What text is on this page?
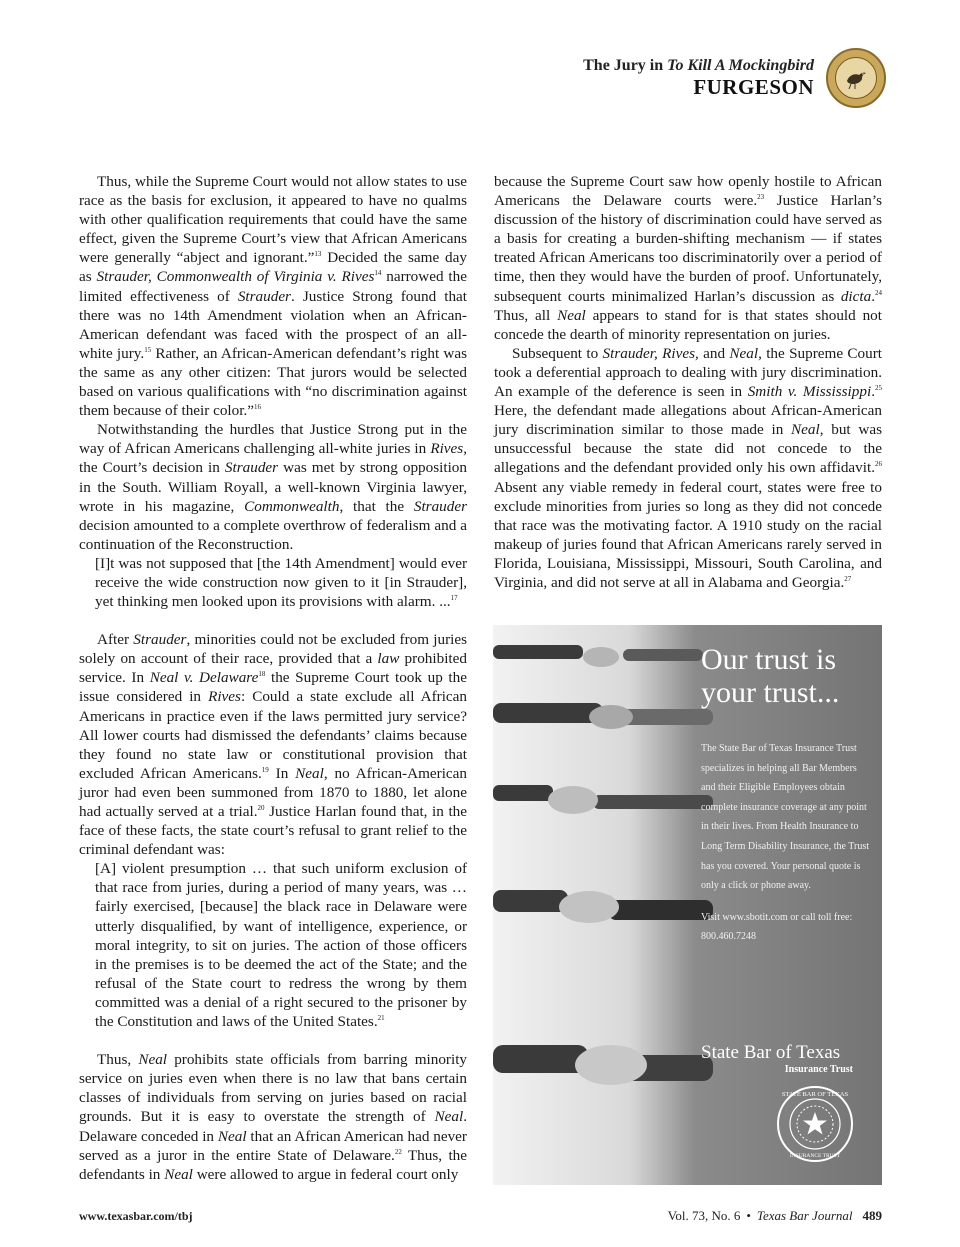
The Jury in To Kill A Mockingbird
FURGESON

Thus, while the Supreme Court would not allow states to use race as the basis for exclusion, it appeared to have no qualms with other qualification requirements that could have the same effect, given the Supreme Court’s view that African Americans were generally “abject and ignorant.”$^{13}$ Decided the same day as Strauder, Commonwealth of Virginia v. Rives$^{14}$ narrowed the limited effectiveness of Strauder. Justice Strong found that there was no 14th Amendment violation when an African-American defendant was faced with the prospect of an all-white jury.$^{15}$ Rather, an African-American defendant’s right was the same as any other citizen: That jurors would be selected based on various qualifications with “no discrimination against them because of their color.”$^{16}$

Notwithstanding the hurdles that Justice Strong put in the way of African Americans challenging all-white juries in Rives, the Court’s decision in Strauder was met by strong opposition in the South. William Royall, a well-known Virginia lawyer, wrote in his magazine, Commonwealth, that the Strauder decision amounted to a complete overthrow of federalism and a continuation of the Reconstruction.

[I]t was not supposed that [the 14th Amendment] would ever receive the wide construction now given to it [in Strauder], yet thinking men looked upon its provisions with alarm. ...$^{17}$

After Strauder, minorities could not be excluded from juries solely on account of their race, provided that a law prohibited service. In Neal v. Delaware$^{18}$ the Supreme Court took up the issue considered in Rives: Could a state exclude all African Americans in practice even if the laws permitted jury service? All lower courts had dismissed the defendants’ claims because they found no state law or constitutional provision that excluded African Americans.$^{19}$ In Neal, no African-American juror had even been summoned from 1870 to 1880, let alone had actually served at a trial.$^{20}$ Justice Harlan found that, in the face of these facts, the state court’s refusal to grant relief to the criminal defendant was:

[A] violent presumption … that such uniform exclusion of that race from juries, during a period of many years, was … fairly exercised, [because] the black race in Delaware were utterly disqualified, by want of intelligence, experience, or moral integrity, to sit on juries. The action of those officers in the premises is to be deemed the act of the State; and the refusal of the State court to redress the wrong by them committed was a denial of a right secured to the prisoner by the Constitution and laws of the United States.$^{21}$

Thus, Neal prohibits state officials from barring minority service on juries even when there is no law that bans certain classes of individuals from serving on juries based on racial grounds. But it is easy to overstate the strength of Neal. Delaware conceded in Neal that an African American had never served as a juror in the entire State of Delaware.$^{22}$ Thus, the defendants in Neal were allowed to argue in federal court only

because the Supreme Court saw how openly hostile to African Americans the Delaware courts were.$^{23}$ Justice Harlan’s discussion of the history of discrimination could have served as a basis for creating a burden-shifting mechanism — if states treated African Americans too discriminatorily over a period of time, then they would have the burden of proof. Unfortunately, subsequent courts minimalized Harlan’s discussion as dicta.$^{24}$ Thus, all Neal appears to stand for is that states should not concede the dearth of minority representation on juries.

Subsequent to Strauder, Rives, and Neal, the Supreme Court took a deferential approach to dealing with jury discrimination. An example of the deference is seen in Smith v. Mississippi.$^{25}$ Here, the defendant made allegations about African-American jury discrimination similar to those made in Neal, but was unsuccessful because the state did not concede to the allegations and the defendant provided only his own affidavit.$^{26}$ Absent any viable remedy in federal court, states were free to exclude minorities from juries so long as they did not concede that race was the motivating factor. A 1910 study on the racial makeup of juries found that African Americans rarely served in Florida, Louisiana, Mississippi, Missouri, South Carolina, and Virginia, and did not serve at all in Alabama and Georgia.$^{27}$

Our trust is your trust...

The State Bar of Texas Insurance Trust specializes in helping all Bar Members and their Eligible Employees obtain complete insurance coverage at any point in their lives. From Health Insurance to Long Term Disability Insurance, the Trust has you covered. Your personal quote is only a click or phone away.

Visit www.sbotit.com or call toll free: 800.460.7248

State Bar of Texas
Insurance Trust
STATE BAR OF TEXAS
INSURANCE TRUST
www.texasbar.com/tbj	Vol. 73, No. 6 • Texas Bar Journal 489
